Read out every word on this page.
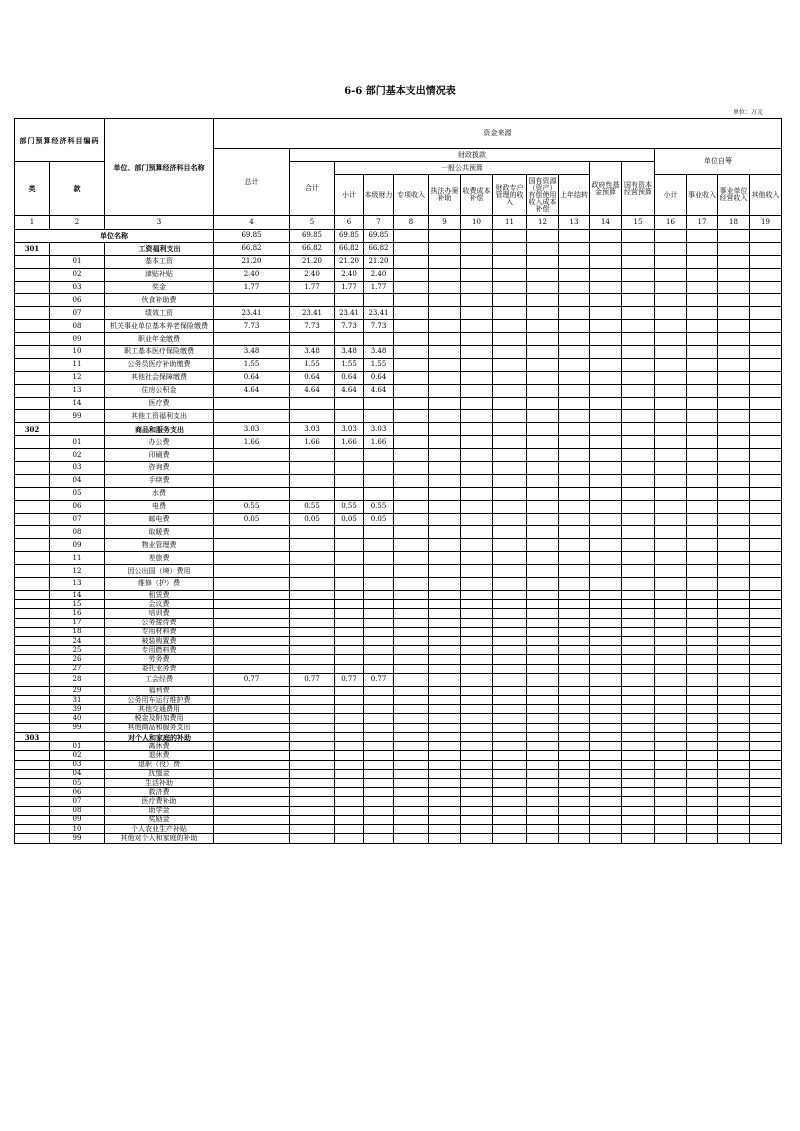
6-6 部门基本支出情况表
单位：万元
部门预算经济科目编码		单位、部门预算经济科目名称	资金来源															
			总计	财政拨款											单位自筹			
类	款			合计	一般公共预算								政府性基金预算	国有资本经营预算				
					小计	本级财力	专项收入	执法办案补助	收费成本补偿	财政专户管理的收入	国有资源（资产）有偿使用收入成本补偿	上年结转			小计	事业收入	事业单位经营收入	其他收入
1	2	3	4	5	6	7	8	9	10	11	12	13	14	15	16	17	18	19
单位名称			69.85	69.85	69.85	69.85												
301		工资福利支出	66.82	66.82	66.82	66.82												
	01	基本工资	21.20	21.20	21.20	21.20												
	02	津贴补贴	2.40	2.40	2.40	2.40												
	03	奖金	1.77	1.77	1.77	1.77												
	06	伙食补助费																
	07	绩效工资	23.41	23.41	23.41	23.41												
	08	机关事业单位基本养老保险缴费	7.73	7.73	7.73	7.73												
	09	职业年金缴费																
	10	职工基本医疗保险缴费	3.48	3.48	3.48	3.48												
	11	公务员医疗补助缴费	1.55	1.55	1.55	1.55												
	12	其他社会保障缴费	0.64	0.64	0.64	0.64												
	13	住房公积金	4.64	4.64	4.64	4.64												
	14	医疗费																
	99	其他工资福利支出																
302		商品和服务支出	3.03	3.03	3.03	3.03												
	01	办公费	1.66	1.66	1.66	1.66												
	02	印刷费																
	03	咨询费																
	04	手续费																
	05	水费																
	06	电费	0.55	0.55	0.55	0.55												
	07	邮电费	0.05	0.05	0.05	0.05												
	08	取暖费																
	09	物业管理费																
	11	差旅费																
	12	因公出国（境）费用																
	13	维修（护）费																
	14	租赁费																
	15	会议费																
	16	培训费																
	17	公务接待费																
	18	专用材料费																
	24	被装购置费																
	25	专用燃料费																
	26	劳务费																
	27	委托业务费																
	28	工会经费	0.77	0.77	0.77	0.77												
	29	福利费																
	31	公务用车运行维护费																
	39	其他交通费用																
	40	税金及附加费用																
	99	其他商品和服务支出																
303		对个人和家庭的补助																
	01	离休费																
	02	退休费																
	03	退职（役）费																
	04	抚恤金																
	05	生活补助																
	06	救济费																
	07	医疗费补助																
	08	助学金																
	09	奖励金																
	10	个人农业生产补贴																
	99	其他对个人和家庭的补助																
